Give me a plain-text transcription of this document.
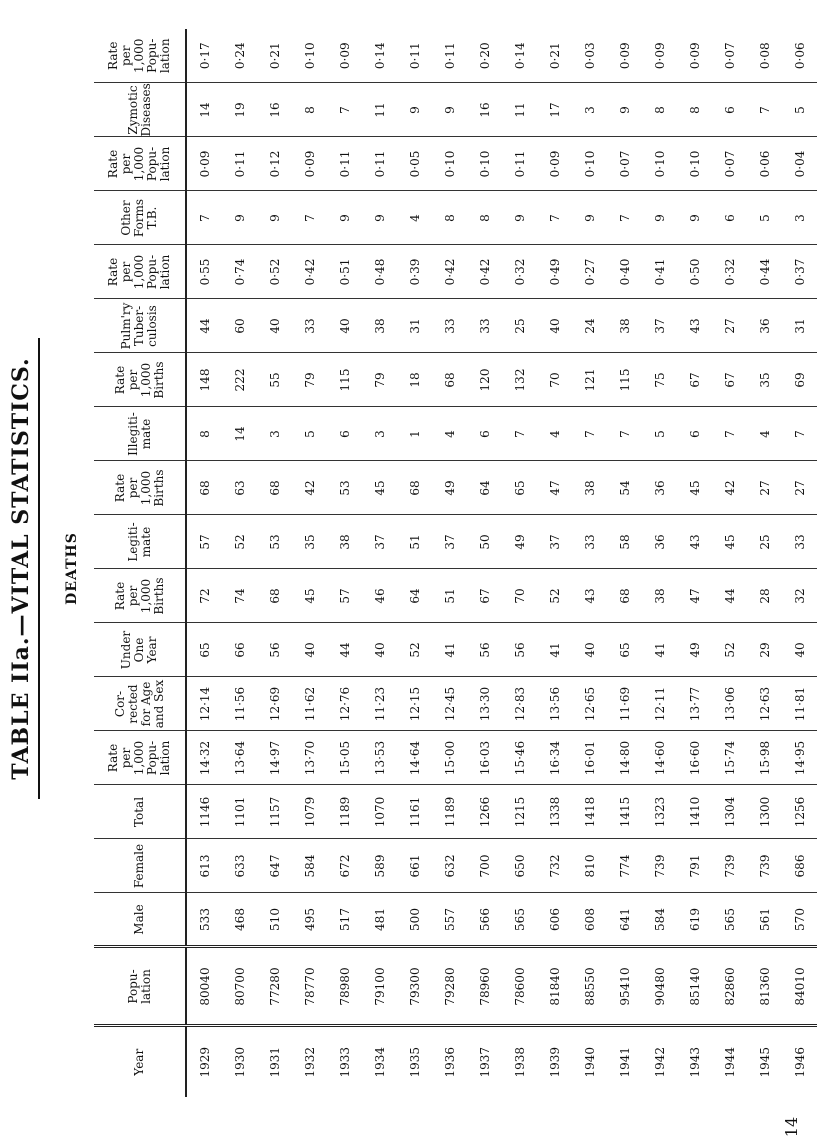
TABLE IIa.—VITAL STATISTICS. DEATHS
Year	Popu-
lation	Male	Female	Total	Rate
per 1,000
Popu-
lation	Cor-
rected
for Age
and Sex	Under
One
Year	Rate
per 1,000
Births	Legiti-
mate	Rate
per 1,000
Births	Illegiti-
mate	Rate
per 1,000
Births	Pulm'ry
Tuber-
culosis	Rate
per 1,000
Popu-
lation	Other
Forms
T.B.	Rate
per 1,000
Popu-
lation	Zymotic
Diseases	Rate
per 1,000
Popu-
lation
1929	80040	533	613	1146	14·32	12·14	65	72	57	68	8	148	44	0·55	7	0·09	14	0·17
1930	80700	468	633	1101	13·64	11·56	66	74	52	63	14	222	60	0·74	9	0·11	19	0·24
1931	77280	510	647	1157	14·97	12·69	56	68	53	68	3	55	40	0·52	9	0·12	16	0·21
1932	78770	495	584	1079	13·70	11·62	40	45	35	42	5	79	33	0·42	7	0·09	8	0·10
1933	78980	517	672	1189	15·05	12·76	44	57	38	53	6	115	40	0·51	9	0·11	7	0·09
1934	79100	481	589	1070	13·53	11·23	40	46	37	45	3	79	38	0·48	9	0·11	11	0·14
1935	79300	500	661	1161	14·64	12·15	52	64	51	68	1	18	31	0·39	4	0·05	9	0·11
1936	79280	557	632	1189	15·00	12·45	41	51	37	49	4	68	33	0·42	8	0·10	9	0·11
1937	78960	566	700	1266	16·03	13·30	56	67	50	64	6	120	33	0·42	8	0·10	16	0·20
1938	78600	565	650	1215	15·46	12·83	56	70	49	65	7	132	25	0·32	9	0·11	11	0·14
1939	81840	606	732	1338	16·34	13·56	41	52	37	47	4	70	40	0·49	7	0·09	17	0·21
1940	88550	608	810	1418	16·01	12·65	40	43	33	38	7	121	24	0·27	9	0·10	3	0·03
1941	95410	641	774	1415	14·80	11·69	65	68	58	54	7	115	38	0·40	7	0·07	9	0·09
1942	90480	584	739	1323	14·60	12·11	41	38	36	36	5	75	37	0·41	9	0·10	8	0·09
1943	85140	619	791	1410	16·60	13·77	49	47	43	45	6	67	43	0·50	9	0·10	8	0·09
1944	82860	565	739	1304	15·74	13·06	52	44	45	42	7	67	27	0·32	6	0·07	6	0·07
1945	81360	561	739	1300	15·98	12·63	29	28	25	27	4	35	36	0·44	5	0·06	7	0·08
1946	84010	570	686	1256	14·95	11·81	40	32	33	27	7	69	31	0·37	3	0·04	5	0·06
14
